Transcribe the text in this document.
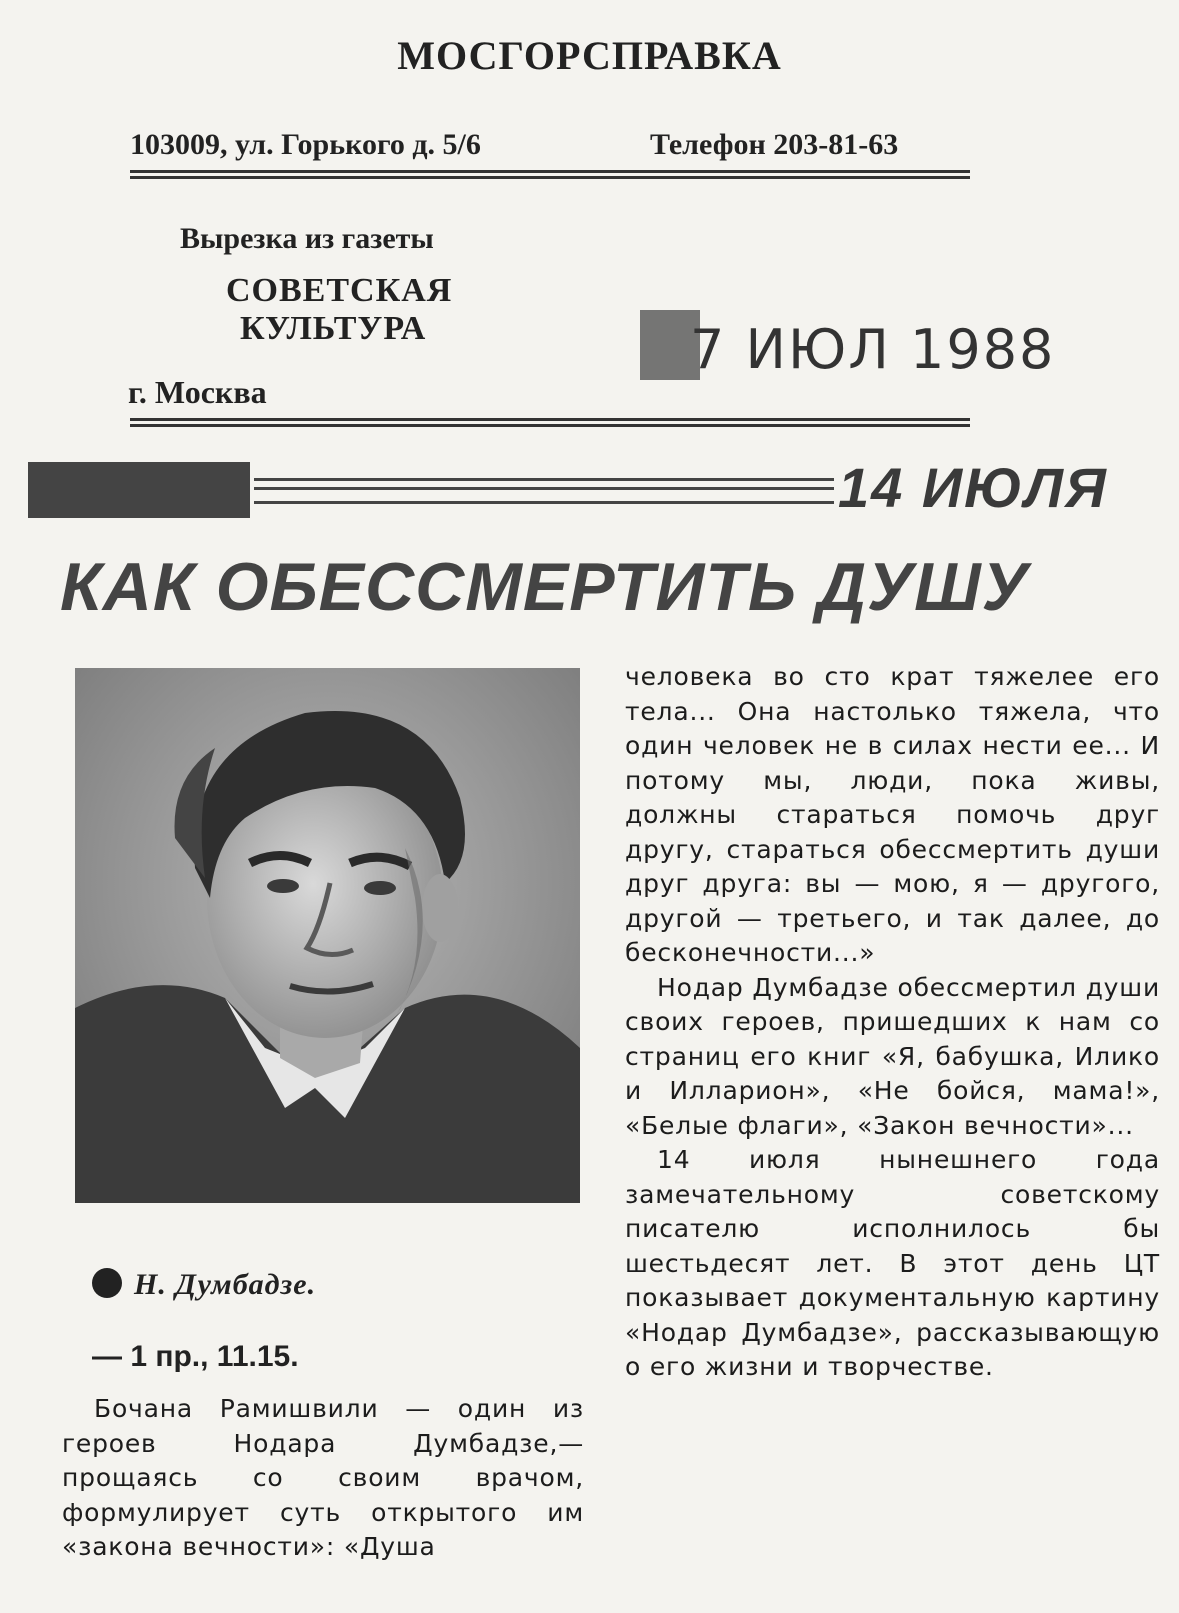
МОСГОРСПРАВКА
103009, ул. Горького д. 5/6	Телефон 203-81-63
Вырезка из газеты
СОВЕТСКАЯ
КУЛЬТУРА
г. Москва
7 ИЮЛ 1988
14 ИЮЛЯ
КАК ОБЕССМЕРТИТЬ ДУШУ
Н. Думбадзе.
— 1 пр., 11.15.

Бочана Рамишвили — один из героев Нодара Думбадзе,— прощаясь со своим врачом, формулирует суть открытого им «закона вечности»: «Душа

человека во сто крат тяжелее его тела... Она настолько тяжела, что один человек не в силах нести ее... И потому мы, люди, пока живы, должны стараться помочь друг другу, стараться обессмертить души друг друга: вы — мою, я — другого, другой — третьего, и так далее, до бесконечности...»

Нодар Думбадзе обессмертил души своих героев, пришедших к нам со страниц его книг «Я, бабушка, Илико и Илларион», «Не бойся, мама!», «Белые флаги», «Закон вечности»...

14 июля нынешнего года замечательному советскому писателю исполнилось бы шестьдесят лет. В этот день ЦТ показывает документальную картину «Нодар Думбадзе», рассказывающую о его жизни и творчестве.
